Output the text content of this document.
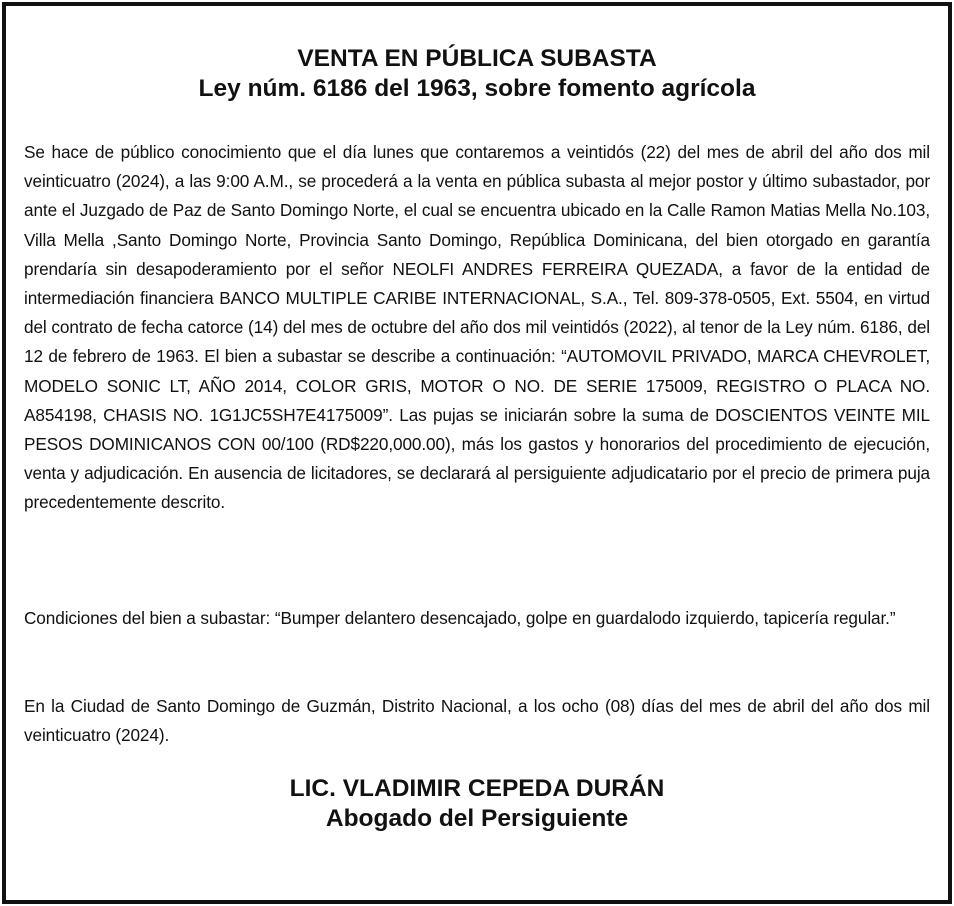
VENTA EN PÚBLICA SUBASTA
Ley núm. 6186 del 1963, sobre fomento agrícola
Se hace de público conocimiento que el día lunes que contaremos a veintidós (22) del mes de abril del año dos mil veinticuatro (2024), a las 9:00 A.M., se procederá a la venta en pública subasta al mejor postor y último subastador, por ante el Juzgado de Paz de Santo Domingo Norte, el cual se encuentra ubicado en la Calle Ramon Matias Mella No.103, Villa Mella ,Santo Domingo Norte, Provincia Santo Domingo, República Dominicana, del bien otorgado en garantía prendaría sin desapoderamiento por el señor NEOLFI ANDRES FERREIRA QUEZADA, a favor de la entidad de intermediación financiera BANCO MULTIPLE CARIBE INTERNACIONAL, S.A., Tel. 809-378-0505, Ext. 5504, en virtud del contrato de fecha catorce (14) del mes de octubre del año dos mil veintidós (2022), al tenor de la Ley núm. 6186, del 12 de febrero de 1963. El bien a subastar se describe a continuación: “AUTOMOVIL PRIVADO, MARCA CHEVROLET, MODELO SONIC LT, AÑO 2014, COLOR GRIS, MOTOR O NO. DE SERIE 175009, REGISTRO O PLACA NO. A854198, CHASIS NO. 1G1JC5SH7E4175009”. Las pujas se iniciarán sobre la suma de DOSCIENTOS VEINTE MIL PESOS DOMINICANOS CON 00/100 (RD$220,000.00), más los gastos y honorarios del procedimiento de ejecución, venta y adjudicación. En ausencia de licitadores, se declarará al persiguiente adjudicatario por el precio de primera puja precedentemente descrito.
Condiciones del bien a subastar: “Bumper delantero desencajado, golpe en guardalodo izquierdo, tapicería regular.”
En la Ciudad de Santo Domingo de Guzmán, Distrito Nacional, a los ocho (08) días del mes de abril del año dos mil veinticuatro (2024).
LIC. VLADIMIR CEPEDA DURÁN
Abogado del Persiguiente
